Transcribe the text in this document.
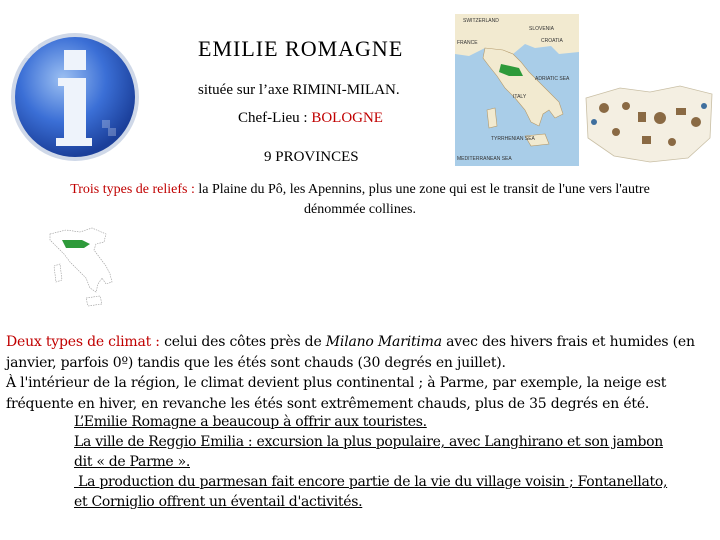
EMILIE ROMAGNE
située sur l’axe RIMINI-MILAN.
Chef-Lieu : BOLOGNE
9 PROVINCES
SWITZERLAND
SLOVENIA
CROATIA
FRANCE
ITALY
ADRIATIC SEA
TYRRHENIAN SEA
MEDITERRANEAN SEA
Trois types de reliefs : la Plaine du Pô, les Apennins, plus une zone qui est le transit de l'une vers l'autre
dénommée collines.
Deux types de climat : celui des côtes près de Milano Maritima avec des hivers frais et humides (en janvier, parfois 0º) tandis que les étés sont chauds (30 degrés en juillet).
À l'intérieur de la région, le climat devient plus continental ; à Parme, par exemple, la neige est fréquente en hiver, en revanche les étés sont extrêmement chauds, plus de 35 degrés en été.
L’Emilie Romagne a beaucoup à offrir aux touristes.
La ville de Reggio Emilia : excursion la plus populaire, avec Langhirano et son jambon
dit « de Parme ».
La production du parmesan fait encore partie de la vie du village voisin ; Fontanellato,
et Corniglio offrent un éventail d'activités.
